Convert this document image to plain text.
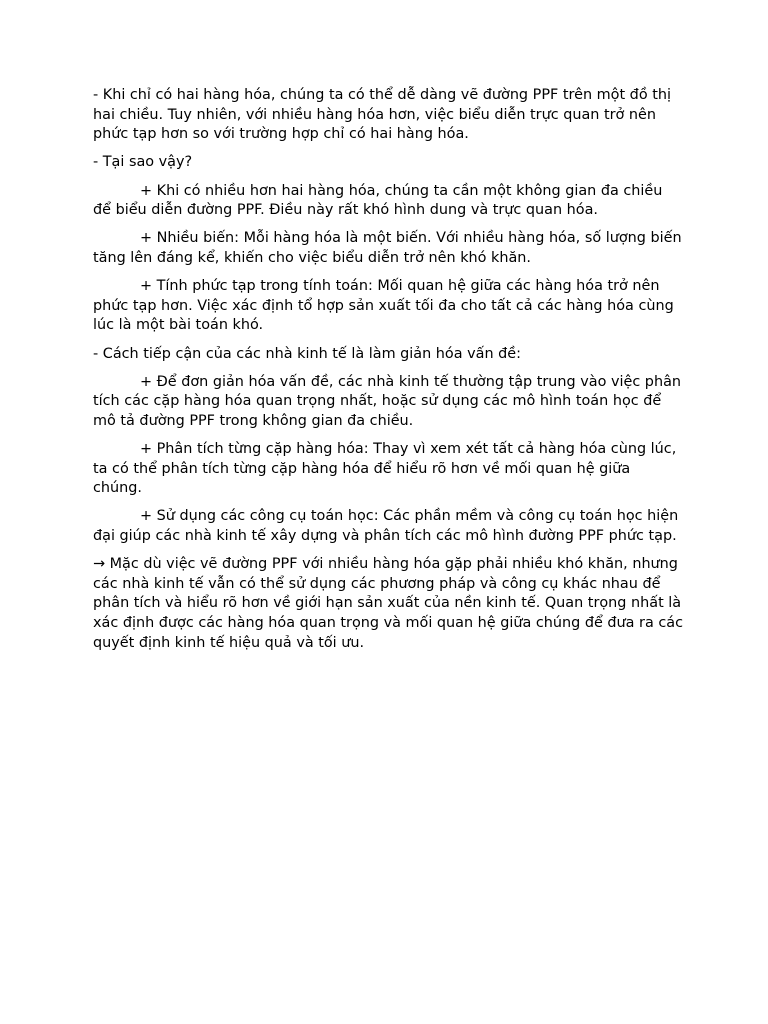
- Khi chỉ có hai hàng hóa, chúng ta có thể dễ dàng vẽ đường PPF trên một đồ thị hai chiều. Tuy nhiên, với nhiều hàng hóa hơn, việc biểu diễn trực quan trở nên phức tạp hơn so với trường hợp chỉ có hai hàng hóa.

- Tại sao vậy?

+ Khi có nhiều hơn hai hàng hóa, chúng ta cần một không gian đa chiều để biểu diễn đường PPF. Điều này rất khó hình dung và trực quan hóa.

+ Nhiều biến: Mỗi hàng hóa là một biến. Với nhiều hàng hóa, số lượng biến tăng lên đáng kể, khiến cho việc biểu diễn trở nên khó khăn.

+ Tính phức tạp trong tính toán: Mối quan hệ giữa các hàng hóa trở nên phức tạp hơn. Việc xác định tổ hợp sản xuất tối đa cho tất cả các hàng hóa cùng lúc là một bài toán khó.

- Cách tiếp cận của các nhà kinh tế là làm giản hóa vấn đề:

+ Để đơn giản hóa vấn đề, các nhà kinh tế thường tập trung vào việc phân tích các cặp hàng hóa quan trọng nhất, hoặc sử dụng các mô hình toán học để mô tả đường PPF trong không gian đa chiều.

+ Phân tích từng cặp hàng hóa: Thay vì xem xét tất cả hàng hóa cùng lúc, ta có thể phân tích từng cặp hàng hóa để hiểu rõ hơn về mối quan hệ giữa chúng.

+ Sử dụng các công cụ toán học: Các phần mềm và công cụ toán học hiện đại giúp các nhà kinh tế xây dựng và phân tích các mô hình đường PPF phức tạp.

→ Mặc dù việc vẽ đường PPF với nhiều hàng hóa gặp phải nhiều khó khăn, nhưng các nhà kinh tế vẫn có thể sử dụng các phương pháp và công cụ khác nhau để phân tích và hiểu rõ hơn về giới hạn sản xuất của nền kinh tế. Quan trọng nhất là xác định được các hàng hóa quan trọng và mối quan hệ giữa chúng để đưa ra các quyết định kinh tế hiệu quả và tối ưu.
